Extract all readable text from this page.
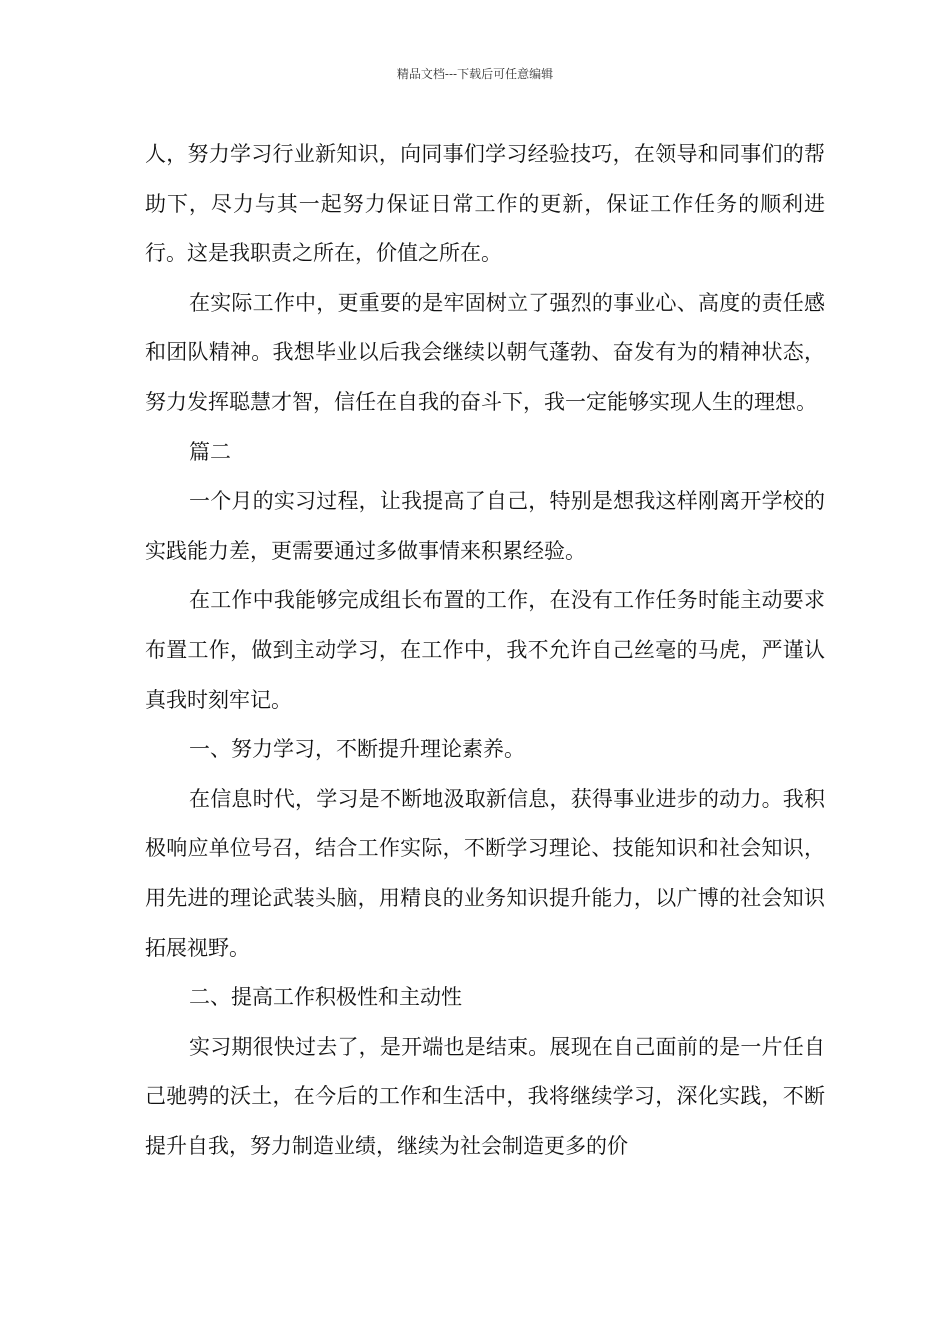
精品文档---下载后可任意编辑

人，努力学习行业新知识，向同事们学习经验技巧，在领导和同事们的帮助下，尽力与其一起努力保证日常工作的更新，保证工作任务的顺利进行。这是我职责之所在，价值之所在。

在实际工作中，更重要的是牢固树立了强烈的事业心、高度的责任感和团队精神。我想毕业以后我会继续以朝气蓬勃、奋发有为的精神状态，努力发挥聪慧才智，信任在自我的奋斗下，我一定能够实现人生的理想。

篇二

一个月的实习过程，让我提高了自己，特别是想我这样刚离开学校的实践能力差，更需要通过多做事情来积累经验。

在工作中我能够完成组长布置的工作，在没有工作任务时能主动要求布置工作，做到主动学习，在工作中，我不允许自己丝毫的马虎，严谨认真我时刻牢记。

一、努力学习，不断提升理论素养。

在信息时代，学习是不断地汲取新信息，获得事业进步的动力。我积极响应单位号召，结合工作实际，不断学习理论、技能知识和社会知识，用先进的理论武装头脑，用精良的业务知识提升能力，以广博的社会知识拓展视野。

二、提高工作积极性和主动性

实习期很快过去了，是开端也是结束。展现在自己面前的是一片任自己驰骋的沃土，在今后的工作和生活中，我将继续学习，深化实践，不断提升自我，努力制造业绩，继续为社会制造更多的价
